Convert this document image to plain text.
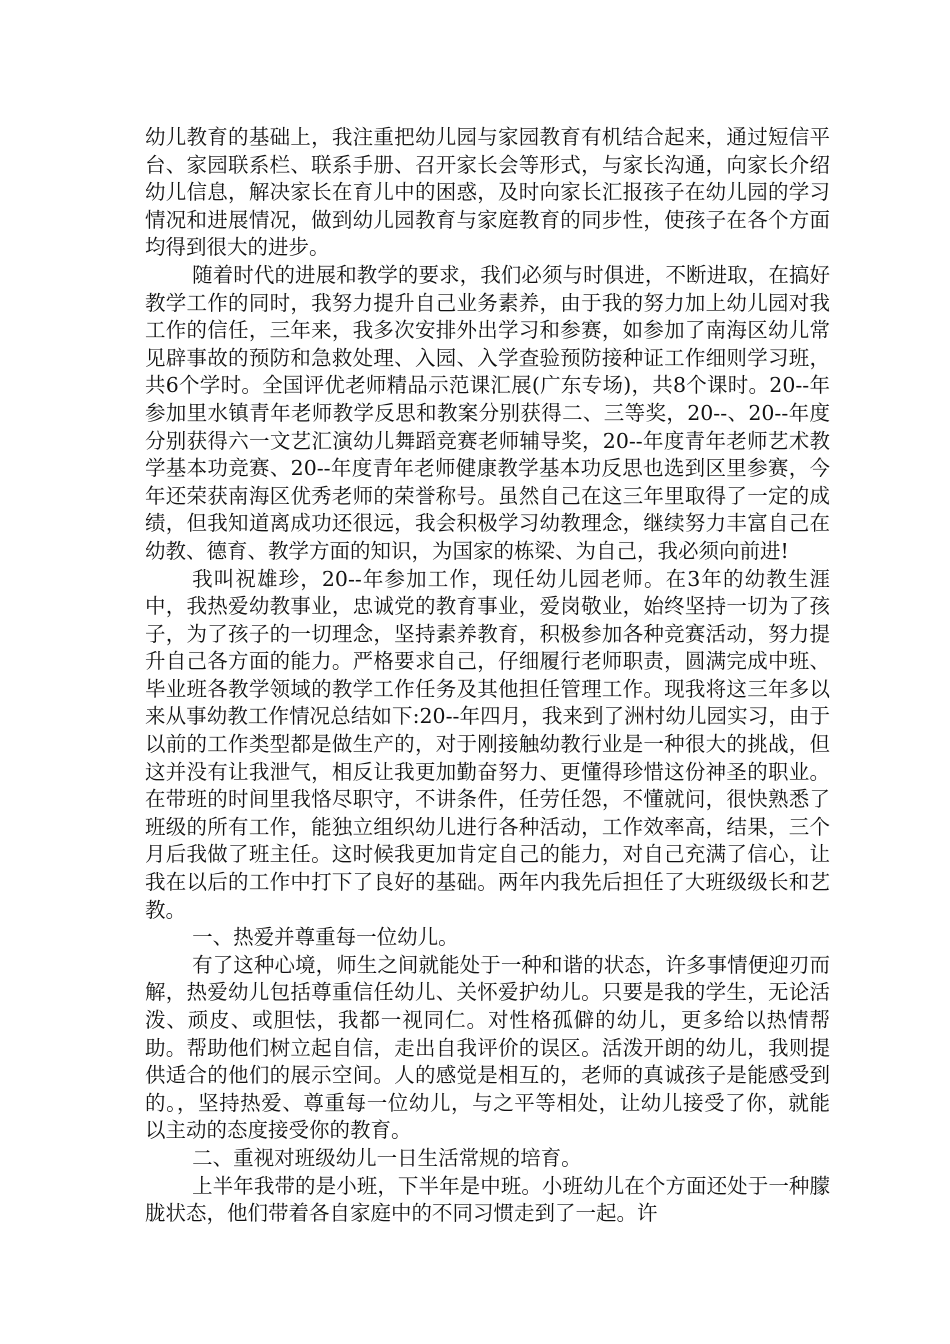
幼儿教育的基础上，我注重把幼儿园与家园教育有机结合起来，通过短信平台、家园联系栏、联系手册、召开家长会等形式，与家长沟通，向家长介绍幼儿信息，解决家长在育儿中的困惑，及时向家长汇报孩子在幼儿园的学习情况和进展情况，做到幼儿园教育与家庭教育的同步性，使孩子在各个方面均得到很大的进步。

随着时代的进展和教学的要求，我们必须与时俱进，不断进取，在搞好教学工作的同时，我努力提升自己业务素养，由于我的努力加上幼儿园对我工作的信任，三年来，我多次安排外出学习和参赛，如参加了南海区幼儿常见辟事故的预防和急救处理、入园、入学查验预防接种证工作细则学习班，共6个学时。全国评优老师精品示范课汇展(广东专场)，共8个课时。20--年参加里水镇青年老师教学反思和教案分别获得二、三等奖，20--、20--年度分别获得六一文艺汇演幼儿舞蹈竞赛老师辅导奖，20--年度青年老师艺术教学基本功竞赛、20--年度青年老师健康教学基本功反思也选到区里参赛，今年还荣获南海区优秀老师的荣誉称号。虽然自己在这三年里取得了一定的成绩，但我知道离成功还很远，我会积极学习幼教理念，继续努力丰富自己在幼教、德育、教学方面的知识，为国家的栋梁、为自己，我必须向前进!

我叫祝雄珍，20--年参加工作，现任幼儿园老师。在3年的幼教生涯中，我热爱幼教事业，忠诚党的教育事业，爱岗敬业，始终坚持一切为了孩子，为了孩子的一切理念，坚持素养教育，积极参加各种竞赛活动，努力提升自己各方面的能力。严格要求自己，仔细履行老师职责，圆满完成中班、毕业班各教学领域的教学工作任务及其他担任管理工作。现我将这三年多以来从事幼教工作情况总结如下:20--年四月，我来到了洲村幼儿园实习，由于以前的工作类型都是做生产的，对于刚接触幼教行业是一种很大的挑战，但这并没有让我泄气，相反让我更加勤奋努力、更懂得珍惜这份神圣的职业。在带班的时间里我恪尽职守，不讲条件，任劳任怨，不懂就问，很快熟悉了班级的所有工作，能独立组织幼儿进行各种活动，工作效率高，结果，三个月后我做了班主任。这时候我更加肯定自己的能力，对自己充满了信心，让我在以后的工作中打下了良好的基础。两年内我先后担任了大班级级长和艺教。

一、热爱并尊重每一位幼儿。

有了这种心境，师生之间就能处于一种和谐的状态，许多事情便迎刃而解，热爱幼儿包括尊重信任幼儿、关怀爱护幼儿。只要是我的学生，无论活泼、顽皮、或胆怯，我都一视同仁。对性格孤僻的幼儿，更多给以热情帮助。帮助他们树立起自信，走出自我评价的误区。活泼开朗的幼儿，我则提供适合的他们的展示空间。人的感觉是相互的，老师的真诚孩子是能感受到的。，坚持热爱、尊重每一位幼儿，与之平等相处，让幼儿接受了你，就能以主动的态度接受你的教育。

二、重视对班级幼儿一日生活常规的培育。

上半年我带的是小班，下半年是中班。小班幼儿在个方面还处于一种朦胧状态，他们带着各自家庭中的不同习惯走到了一起。许
